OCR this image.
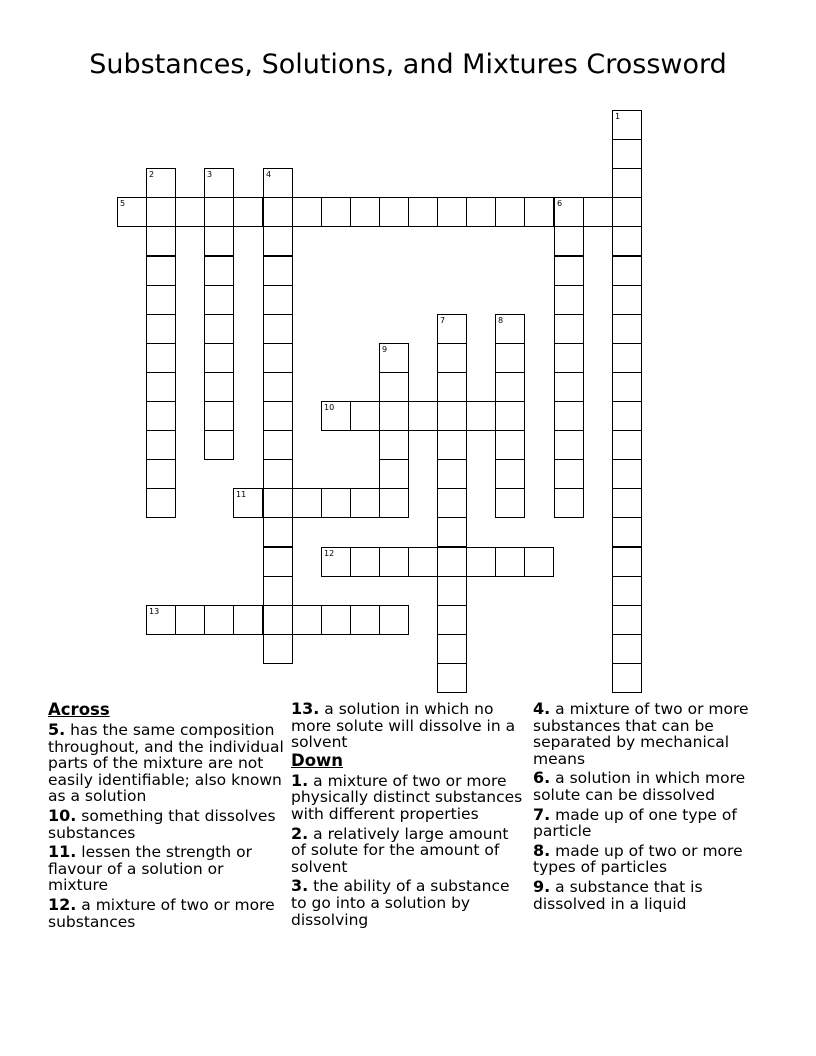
Substances, Solutions, and Mixtures Crossword
1
2	3	4
5	6
7	8
9
10
11
12
13
Across
5. has the same composition throughout, and the individual parts of the mixture are not easily identifiable; also known as a solution
10. something that dissolves substances
11. lessen the strength or flavour of a solution or mixture
12. a mixture of two or more substances
13. a solution in which no more solute will dissolve in a solvent
Down
1. a mixture of two or more physically distinct substances with different properties
2. a relatively large amount of solute for the amount of solvent
3. the ability of a substance to go into a solution by dissolving
4. a mixture of two or more substances that can be separated by mechanical means
6. a solution in which more solute can be dissolved
7. made up of one type of particle
8. made up of two or more types of particles
9. a substance that is dissolved in a liquid
